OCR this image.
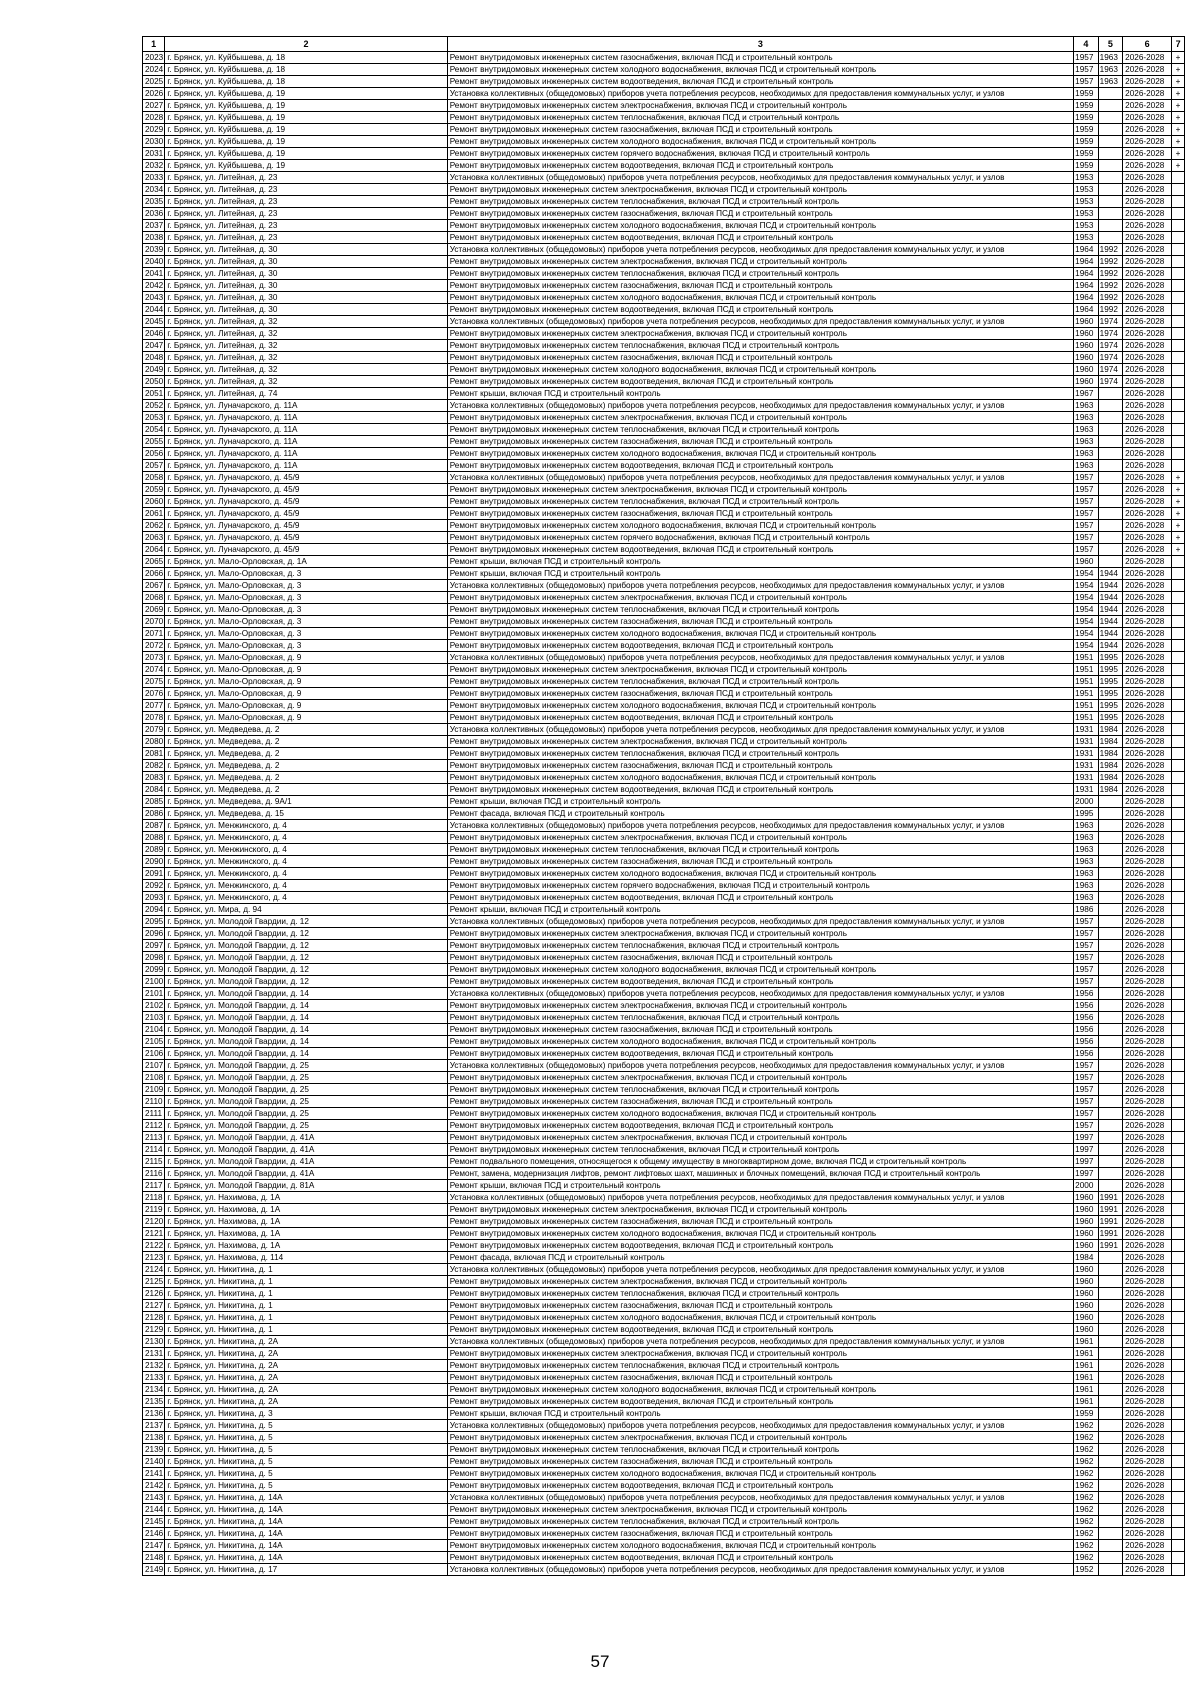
1	2	3	4	5	6	7
2023	г. Брянск, ул. Куйбышева, д. 18	Ремонт внутридомовых инженерных систем газоснабжения, включая ПСД и строительный контроль	1957	1963	2026-2028	+
2024	г. Брянск, ул. Куйбышева, д. 18	Ремонт внутридомовых инженерных систем холодного водоснабжения, включая ПСД и строительный контроль	1957	1963	2026-2028	+
2025	г. Брянск, ул. Куйбышева, д. 18	Ремонт внутридомовых инженерных систем водоотведения, включая ПСД и строительный контроль	1957	1963	2026-2028	+
2026	г. Брянск, ул. Куйбышева, д. 19	Установка коллективных (общедомовых) приборов учета потребления ресурсов, необходимых для предоставления коммунальных услуг, и узлов	1959		2026-2028	+
2027	г. Брянск, ул. Куйбышева, д. 19	Ремонт внутридомовых инженерных систем электроснабжения, включая ПСД и строительный контроль	1959		2026-2028	+
2028	г. Брянск, ул. Куйбышева, д. 19	Ремонт внутридомовых инженерных систем теплоснабжения, включая ПСД и строительный контроль	1959		2026-2028	+
2029	г. Брянск, ул. Куйбышева, д. 19	Ремонт внутридомовых инженерных систем газоснабжения, включая ПСД и строительный контроль	1959		2026-2028	+
2030	г. Брянск, ул. Куйбышева, д. 19	Ремонт внутридомовых инженерных систем холодного водоснабжения, включая ПСД и строительный контроль	1959		2026-2028	+
2031	г. Брянск, ул. Куйбышева, д. 19	Ремонт внутридомовых инженерных систем горячего водоснабжения, включая ПСД и строительный контроль	1959		2026-2028	+
2032	г. Брянск, ул. Куйбышева, д. 19	Ремонт внутридомовых инженерных систем водоотведения, включая ПСД и строительный контроль	1959		2026-2028	+
2033	г. Брянск, ул. Литейная, д. 23	Установка коллективных (общедомовых) приборов учета потребления ресурсов, необходимых для предоставления коммунальных услуг, и узлов	1953		2026-2028	
2034	г. Брянск, ул. Литейная, д. 23	Ремонт внутридомовых инженерных систем электроснабжения, включая ПСД и строительный контроль	1953		2026-2028	
2035	г. Брянск, ул. Литейная, д. 23	Ремонт внутридомовых инженерных систем теплоснабжения, включая ПСД и строительный контроль	1953		2026-2028	
2036	г. Брянск, ул. Литейная, д. 23	Ремонт внутридомовых инженерных систем газоснабжения, включая ПСД и строительный контроль	1953		2026-2028	
2037	г. Брянск, ул. Литейная, д. 23	Ремонт внутридомовых инженерных систем холодного водоснабжения, включая ПСД и строительный контроль	1953		2026-2028	
2038	г. Брянск, ул. Литейная, д. 23	Ремонт внутридомовых инженерных систем водоотведения, включая ПСД и строительный контроль	1953		2026-2028	
2039	г. Брянск, ул. Литейная, д. 30	Установка коллективных (общедомовых) приборов учета потребления ресурсов, необходимых для предоставления коммунальных услуг, и узлов	1964	1992	2026-2028	
2040	г. Брянск, ул. Литейная, д. 30	Ремонт внутридомовых инженерных систем электроснабжения, включая ПСД и строительный контроль	1964	1992	2026-2028	
2041	г. Брянск, ул. Литейная, д. 30	Ремонт внутридомовых инженерных систем теплоснабжения, включая ПСД и строительный контроль	1964	1992	2026-2028	
2042	г. Брянск, ул. Литейная, д. 30	Ремонт внутридомовых инженерных систем газоснабжения, включая ПСД и строительный контроль	1964	1992	2026-2028	
2043	г. Брянск, ул. Литейная, д. 30	Ремонт внутридомовых инженерных систем холодного водоснабжения, включая ПСД и строительный контроль	1964	1992	2026-2028	
2044	г. Брянск, ул. Литейная, д. 30	Ремонт внутридомовых инженерных систем водоотведения, включая ПСД и строительный контроль	1964	1992	2026-2028	
2045	г. Брянск, ул. Литейная, д. 32	Установка коллективных (общедомовых) приборов учета потребления ресурсов, необходимых для предоставления коммунальных услуг, и узлов	1960	1974	2026-2028	
2046	г. Брянск, ул. Литейная, д. 32	Ремонт внутридомовых инженерных систем электроснабжения, включая ПСД и строительный контроль	1960	1974	2026-2028	
2047	г. Брянск, ул. Литейная, д. 32	Ремонт внутридомовых инженерных систем теплоснабжения, включая ПСД и строительный контроль	1960	1974	2026-2028	
2048	г. Брянск, ул. Литейная, д. 32	Ремонт внутридомовых инженерных систем газоснабжения, включая ПСД и строительный контроль	1960	1974	2026-2028	
2049	г. Брянск, ул. Литейная, д. 32	Ремонт внутридомовых инженерных систем холодного водоснабжения, включая ПСД и строительный контроль	1960	1974	2026-2028	
2050	г. Брянск, ул. Литейная, д. 32	Ремонт внутридомовых инженерных систем водоотведения, включая ПСД и строительный контроль	1960	1974	2026-2028	
2051	г. Брянск, ул. Литейная, д. 74	Ремонт крыши, включая ПСД и строительный контроль	1967		2026-2028	
2052	г. Брянск, ул. Луначарского, д. 11А	Установка коллективных (общедомовых) приборов учета потребления ресурсов, необходимых для предоставления коммунальных услуг, и узлов	1963		2026-2028	
2053	г. Брянск, ул. Луначарского, д. 11А	Ремонт внутридомовых инженерных систем электроснабжения, включая ПСД и строительный контроль	1963		2026-2028	
2054	г. Брянск, ул. Луначарского, д. 11А	Ремонт внутридомовых инженерных систем теплоснабжения, включая ПСД и строительный контроль	1963		2026-2028	
2055	г. Брянск, ул. Луначарского, д. 11А	Ремонт внутридомовых инженерных систем газоснабжения, включая ПСД и строительный контроль	1963		2026-2028	
2056	г. Брянск, ул. Луначарского, д. 11А	Ремонт внутридомовых инженерных систем холодного водоснабжения, включая ПСД и строительный контроль	1963		2026-2028	
2057	г. Брянск, ул. Луначарского, д. 11А	Ремонт внутридомовых инженерных систем водоотведения, включая ПСД и строительный контроль	1963		2026-2028	
2058	г. Брянск, ул. Луначарского, д. 45/9	Установка коллективных (общедомовых) приборов учета потребления ресурсов, необходимых для предоставления коммунальных услуг, и узлов	1957		2026-2028	+
2059	г. Брянск, ул. Луначарского, д. 45/9	Ремонт внутридомовых инженерных систем электроснабжения, включая ПСД и строительный контроль	1957		2026-2028	+
2060	г. Брянск, ул. Луначарского, д. 45/9	Ремонт внутридомовых инженерных систем теплоснабжения, включая ПСД и строительный контроль	1957		2026-2028	+
2061	г. Брянск, ул. Луначарского, д. 45/9	Ремонт внутридомовых инженерных систем газоснабжения, включая ПСД и строительный контроль	1957		2026-2028	+
2062	г. Брянск, ул. Луначарского, д. 45/9	Ремонт внутридомовых инженерных систем холодного водоснабжения, включая ПСД и строительный контроль	1957		2026-2028	+
2063	г. Брянск, ул. Луначарского, д. 45/9	Ремонт внутридомовых инженерных систем горячего водоснабжения, включая ПСД и строительный контроль	1957		2026-2028	+
2064	г. Брянск, ул. Луначарского, д. 45/9	Ремонт внутридомовых инженерных систем водоотведения, включая ПСД и строительный контроль	1957		2026-2028	+
2065	г. Брянск, ул. Мало-Орловская, д. 1А	Ремонт крыши, включая ПСД и строительный контроль	1960		2026-2028	
2066	г. Брянск, ул. Мало-Орловская, д. 3	Ремонт крыши, включая ПСД и строительный контроль	1954	1944	2026-2028	
2067	г. Брянск, ул. Мало-Орловская, д. 3	Установка коллективных (общедомовых) приборов учета потребления ресурсов, необходимых для предоставления коммунальных услуг, и узлов	1954	1944	2026-2028	
2068	г. Брянск, ул. Мало-Орловская, д. 3	Ремонт внутридомовых инженерных систем электроснабжения, включая ПСД и строительный контроль	1954	1944	2026-2028	
2069	г. Брянск, ул. Мало-Орловская, д. 3	Ремонт внутридомовых инженерных систем теплоснабжения, включая ПСД и строительный контроль	1954	1944	2026-2028	
2070	г. Брянск, ул. Мало-Орловская, д. 3	Ремонт внутридомовых инженерных систем газоснабжения, включая ПСД и строительный контроль	1954	1944	2026-2028	
2071	г. Брянск, ул. Мало-Орловская, д. 3	Ремонт внутридомовых инженерных систем холодного водоснабжения, включая ПСД и строительный контроль	1954	1944	2026-2028	
2072	г. Брянск, ул. Мало-Орловская, д. 3	Ремонт внутридомовых инженерных систем водоотведения, включая ПСД и строительный контроль	1954	1944	2026-2028	
2073	г. Брянск, ул. Мало-Орловская, д. 9	Установка коллективных (общедомовых) приборов учета потребления ресурсов, необходимых для предоставления коммунальных услуг, и узлов	1951	1995	2026-2028	
2074	г. Брянск, ул. Мало-Орловская, д. 9	Ремонт внутридомовых инженерных систем электроснабжения, включая ПСД и строительный контроль	1951	1995	2026-2028	
2075	г. Брянск, ул. Мало-Орловская, д. 9	Ремонт внутридомовых инженерных систем теплоснабжения, включая ПСД и строительный контроль	1951	1995	2026-2028	
2076	г. Брянск, ул. Мало-Орловская, д. 9	Ремонт внутридомовых инженерных систем газоснабжения, включая ПСД и строительный контроль	1951	1995	2026-2028	
2077	г. Брянск, ул. Мало-Орловская, д. 9	Ремонт внутридомовых инженерных систем холодного водоснабжения, включая ПСД и строительный контроль	1951	1995	2026-2028	
2078	г. Брянск, ул. Мало-Орловская, д. 9	Ремонт внутридомовых инженерных систем водоотведения, включая ПСД и строительный контроль	1951	1995	2026-2028	
2079	г. Брянск, ул. Медведева, д. 2	Установка коллективных (общедомовых) приборов учета потребления ресурсов, необходимых для предоставления коммунальных услуг, и узлов	1931	1984	2026-2028	
2080	г. Брянск, ул. Медведева, д. 2	Ремонт внутридомовых инженерных систем электроснабжения, включая ПСД и строительный контроль	1931	1984	2026-2028	
2081	г. Брянск, ул. Медведева, д. 2	Ремонт внутридомовых инженерных систем теплоснабжения, включая ПСД и строительный контроль	1931	1984	2026-2028	
2082	г. Брянск, ул. Медведева, д. 2	Ремонт внутридомовых инженерных систем газоснабжения, включая ПСД и строительный контроль	1931	1984	2026-2028	
2083	г. Брянск, ул. Медведева, д. 2	Ремонт внутридомовых инженерных систем холодного водоснабжения, включая ПСД и строительный контроль	1931	1984	2026-2028	
2084	г. Брянск, ул. Медведева, д. 2	Ремонт внутридомовых инженерных систем водоотведения, включая ПСД и строительный контроль	1931	1984	2026-2028	
2085	г. Брянск, ул. Медведева, д. 9А/1	Ремонт крыши, включая ПСД и строительный контроль	2000		2026-2028	
2086	г. Брянск, ул. Медведева, д. 15	Ремонт фасада, включая ПСД и строительный контроль	1995		2026-2028	
2087	г. Брянск, ул. Менжинского, д. 4	Установка коллективных (общедомовых) приборов учета потребления ресурсов, необходимых для предоставления коммунальных услуг, и узлов	1963		2026-2028	
2088	г. Брянск, ул. Менжинского, д. 4	Ремонт внутридомовых инженерных систем электроснабжения, включая ПСД и строительный контроль	1963		2026-2028	
2089	г. Брянск, ул. Менжинского, д. 4	Ремонт внутридомовых инженерных систем теплоснабжения, включая ПСД и строительный контроль	1963		2026-2028	
2090	г. Брянск, ул. Менжинского, д. 4	Ремонт внутридомовых инженерных систем газоснабжения, включая ПСД и строительный контроль	1963		2026-2028	
2091	г. Брянск, ул. Менжинского, д. 4	Ремонт внутридомовых инженерных систем холодного водоснабжения, включая ПСД и строительный контроль	1963		2026-2028	
2092	г. Брянск, ул. Менжинского, д. 4	Ремонт внутридомовых инженерных систем горячего водоснабжения, включая ПСД и строительный контроль	1963		2026-2028	
2093	г. Брянск, ул. Менжинского, д. 4	Ремонт внутридомовых инженерных систем водоотведения, включая ПСД и строительный контроль	1963		2026-2028	
2094	г. Брянск, ул. Мира, д. 94	Ремонт крыши, включая ПСД и строительный контроль	1986		2026-2028	
2095	г. Брянск, ул. Молодой Гвардии, д. 12	Установка коллективных (общедомовых) приборов учета потребления ресурсов, необходимых для предоставления коммунальных услуг, и узлов	1957		2026-2028	
2096	г. Брянск, ул. Молодой Гвардии, д. 12	Ремонт внутридомовых инженерных систем электроснабжения, включая ПСД и строительный контроль	1957		2026-2028	
2097	г. Брянск, ул. Молодой Гвардии, д. 12	Ремонт внутридомовых инженерных систем теплоснабжения, включая ПСД и строительный контроль	1957		2026-2028	
2098	г. Брянск, ул. Молодой Гвардии, д. 12	Ремонт внутридомовых инженерных систем газоснабжения, включая ПСД и строительный контроль	1957		2026-2028	
2099	г. Брянск, ул. Молодой Гвардии, д. 12	Ремонт внутридомовых инженерных систем холодного водоснабжения, включая ПСД и строительный контроль	1957		2026-2028	
2100	г. Брянск, ул. Молодой Гвардии, д. 12	Ремонт внутридомовых инженерных систем водоотведения, включая ПСД и строительный контроль	1957		2026-2028	
2101	г. Брянск, ул. Молодой Гвардии, д. 14	Установка коллективных (общедомовых) приборов учета потребления ресурсов, необходимых для предоставления коммунальных услуг, и узлов	1956		2026-2028	
2102	г. Брянск, ул. Молодой Гвардии, д. 14	Ремонт внутридомовых инженерных систем электроснабжения, включая ПСД и строительный контроль	1956		2026-2028	
2103	г. Брянск, ул. Молодой Гвардии, д. 14	Ремонт внутридомовых инженерных систем теплоснабжения, включая ПСД и строительный контроль	1956		2026-2028	
2104	г. Брянск, ул. Молодой Гвардии, д. 14	Ремонт внутридомовых инженерных систем газоснабжения, включая ПСД и строительный контроль	1956		2026-2028	
2105	г. Брянск, ул. Молодой Гвардии, д. 14	Ремонт внутридомовых инженерных систем холодного водоснабжения, включая ПСД и строительный контроль	1956		2026-2028	
2106	г. Брянск, ул. Молодой Гвардии, д. 14	Ремонт внутридомовых инженерных систем водоотведения, включая ПСД и строительный контроль	1956		2026-2028	
2107	г. Брянск, ул. Молодой Гвардии, д. 25	Установка коллективных (общедомовых) приборов учета потребления ресурсов, необходимых для предоставления коммунальных услуг, и узлов	1957		2026-2028	
2108	г. Брянск, ул. Молодой Гвардии, д. 25	Ремонт внутридомовых инженерных систем электроснабжения, включая ПСД и строительный контроль	1957		2026-2028	
2109	г. Брянск, ул. Молодой Гвардии, д. 25	Ремонт внутридомовых инженерных систем теплоснабжения, включая ПСД и строительный контроль	1957		2026-2028	
2110	г. Брянск, ул. Молодой Гвардии, д. 25	Ремонт внутридомовых инженерных систем газоснабжения, включая ПСД и строительный контроль	1957		2026-2028	
2111	г. Брянск, ул. Молодой Гвардии, д. 25	Ремонт внутридомовых инженерных систем холодного водоснабжения, включая ПСД и строительный контроль	1957		2026-2028	
2112	г. Брянск, ул. Молодой Гвардии, д. 25	Ремонт внутридомовых инженерных систем водоотведения, включая ПСД и строительный контроль	1957		2026-2028	
2113	г. Брянск, ул. Молодой Гвардии, д. 41А	Ремонт внутридомовых инженерных систем электроснабжения, включая ПСД и строительный контроль	1997		2026-2028	
2114	г. Брянск, ул. Молодой Гвардии, д. 41А	Ремонт внутридомовых инженерных систем теплоснабжения, включая ПСД и строительный контроль	1997		2026-2028	
2115	г. Брянск, ул. Молодой Гвардии, д. 41А	Ремонт подвального помещения, относящегося к общему имуществу в многоквартирном доме, включая ПСД и строительный контроль	1997		2026-2028	
2116	г. Брянск, ул. Молодой Гвардии, д. 41А	Ремонт, замена, модернизация лифтов, ремонт лифтовых шахт, машинных и блочных помещений, включая ПСД и строительный контроль	1997		2026-2028	
2117	г. Брянск, ул. Молодой Гвардии, д. 81А	Ремонт крыши, включая ПСД и строительный контроль	2000		2026-2028	
2118	г. Брянск, ул. Нахимова, д. 1А	Установка коллективных (общедомовых) приборов учета потребления ресурсов, необходимых для предоставления коммунальных услуг, и узлов	1960	1991	2026-2028	
2119	г. Брянск, ул. Нахимова, д. 1А	Ремонт внутридомовых инженерных систем электроснабжения, включая ПСД и строительный контроль	1960	1991	2026-2028	
2120	г. Брянск, ул. Нахимова, д. 1А	Ремонт внутридомовых инженерных систем газоснабжения, включая ПСД и строительный контроль	1960	1991	2026-2028	
2121	г. Брянск, ул. Нахимова, д. 1А	Ремонт внутридомовых инженерных систем холодного водоснабжения, включая ПСД и строительный контроль	1960	1991	2026-2028	
2122	г. Брянск, ул. Нахимова, д. 1А	Ремонт внутридомовых инженерных систем водоотведения, включая ПСД и строительный контроль	1960	1991	2026-2028	
2123	г. Брянск, ул. Нахимова, д. 114	Ремонт фасада, включая ПСД и строительный контроль	1984		2026-2028	
2124	г. Брянск, ул. Никитина, д. 1	Установка коллективных (общедомовых) приборов учета потребления ресурсов, необходимых для предоставления коммунальных услуг, и узлов	1960		2026-2028	
2125	г. Брянск, ул. Никитина, д. 1	Ремонт внутридомовых инженерных систем электроснабжения, включая ПСД и строительный контроль	1960		2026-2028	
2126	г. Брянск, ул. Никитина, д. 1	Ремонт внутридомовых инженерных систем теплоснабжения, включая ПСД и строительный контроль	1960		2026-2028	
2127	г. Брянск, ул. Никитина, д. 1	Ремонт внутридомовых инженерных систем газоснабжения, включая ПСД и строительный контроль	1960		2026-2028	
2128	г. Брянск, ул. Никитина, д. 1	Ремонт внутридомовых инженерных систем холодного водоснабжения, включая ПСД и строительный контроль	1960		2026-2028	
2129	г. Брянск, ул. Никитина, д. 1	Ремонт внутридомовых инженерных систем водоотведения, включая ПСД и строительный контроль	1960		2026-2028	
2130	г. Брянск, ул. Никитина, д. 2А	Установка коллективных (общедомовых) приборов учета потребления ресурсов, необходимых для предоставления коммунальных услуг, и узлов	1961		2026-2028	
2131	г. Брянск, ул. Никитина, д. 2А	Ремонт внутридомовых инженерных систем электроснабжения, включая ПСД и строительный контроль	1961		2026-2028	
2132	г. Брянск, ул. Никитина, д. 2А	Ремонт внутридомовых инженерных систем теплоснабжения, включая ПСД и строительный контроль	1961		2026-2028	
2133	г. Брянск, ул. Никитина, д. 2А	Ремонт внутридомовых инженерных систем газоснабжения, включая ПСД и строительный контроль	1961		2026-2028	
2134	г. Брянск, ул. Никитина, д. 2А	Ремонт внутридомовых инженерных систем холодного водоснабжения, включая ПСД и строительный контроль	1961		2026-2028	
2135	г. Брянск, ул. Никитина, д. 2А	Ремонт внутридомовых инженерных систем водоотведения, включая ПСД и строительный контроль	1961		2026-2028	
2136	г. Брянск, ул. Никитина, д. 3	Ремонт крыши, включая ПСД и строительный контроль	1959		2026-2028	
2137	г. Брянск, ул. Никитина, д. 5	Установка коллективных (общедомовых) приборов учета потребления ресурсов, необходимых для предоставления коммунальных услуг, и узлов	1962		2026-2028	
2138	г. Брянск, ул. Никитина, д. 5	Ремонт внутридомовых инженерных систем электроснабжения, включая ПСД и строительный контроль	1962		2026-2028	
2139	г. Брянск, ул. Никитина, д. 5	Ремонт внутридомовых инженерных систем теплоснабжения, включая ПСД и строительный контроль	1962		2026-2028	
2140	г. Брянск, ул. Никитина, д. 5	Ремонт внутридомовых инженерных систем газоснабжения, включая ПСД и строительный контроль	1962		2026-2028	
2141	г. Брянск, ул. Никитина, д. 5	Ремонт внутридомовых инженерных систем холодного водоснабжения, включая ПСД и строительный контроль	1962		2026-2028	
2142	г. Брянск, ул. Никитина, д. 5	Ремонт внутридомовых инженерных систем водоотведения, включая ПСД и строительный контроль	1962		2026-2028	
2143	г. Брянск, ул. Никитина, д. 14А	Установка коллективных (общедомовых) приборов учета потребления ресурсов, необходимых для предоставления коммунальных услуг, и узлов	1962		2026-2028	
2144	г. Брянск, ул. Никитина, д. 14А	Ремонт внутридомовых инженерных систем электроснабжения, включая ПСД и строительный контроль	1962		2026-2028	
2145	г. Брянск, ул. Никитина, д. 14А	Ремонт внутридомовых инженерных систем теплоснабжения, включая ПСД и строительный контроль	1962		2026-2028	
2146	г. Брянск, ул. Никитина, д. 14А	Ремонт внутридомовых инженерных систем газоснабжения, включая ПСД и строительный контроль	1962		2026-2028	
2147	г. Брянск, ул. Никитина, д. 14А	Ремонт внутридомовых инженерных систем холодного водоснабжения, включая ПСД и строительный контроль	1962		2026-2028	
2148	г. Брянск, ул. Никитина, д. 14А	Ремонт внутридомовых инженерных систем водоотведения, включая ПСД и строительный контроль	1962		2026-2028	
2149	г. Брянск, ул. Никитина, д. 17	Установка коллективных (общедомовых) приборов учета потребления ресурсов, необходимых для предоставления коммунальных услуг, и узлов	1952		2026-2028	
57
